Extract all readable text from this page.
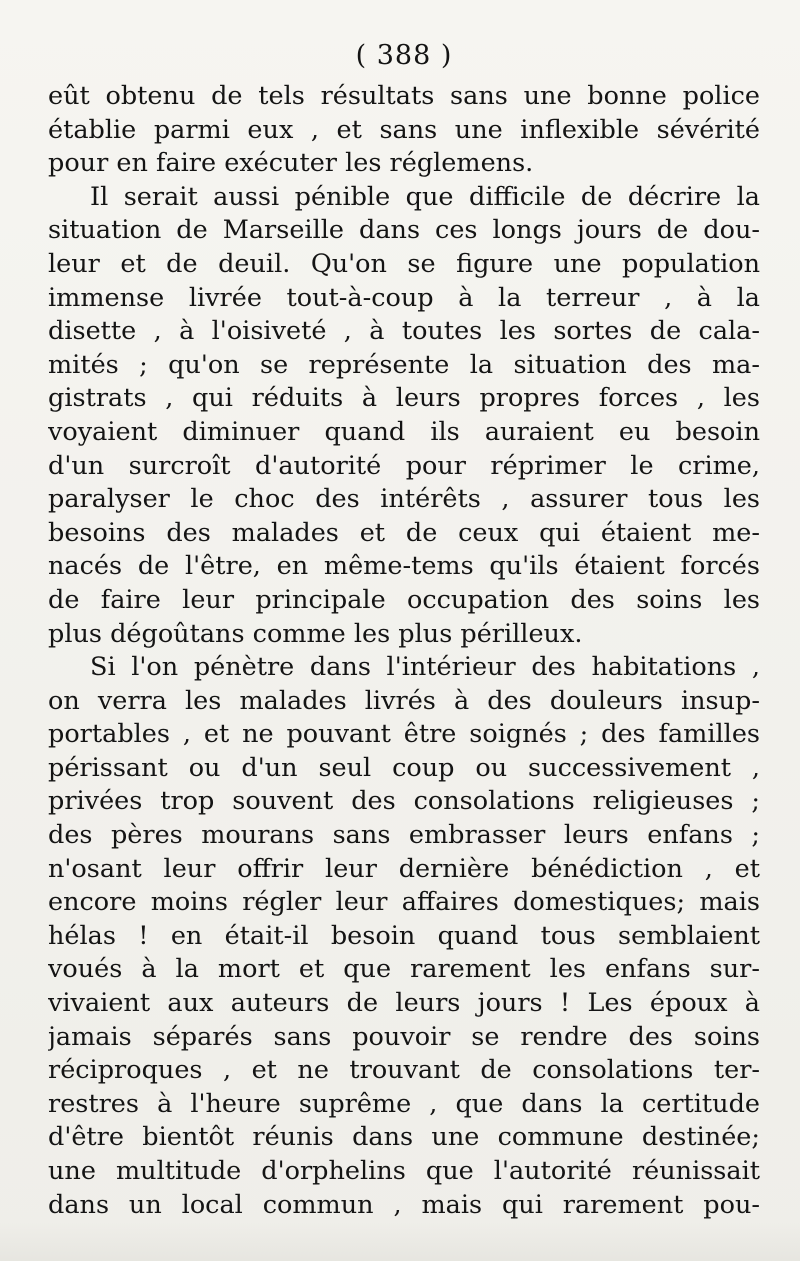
( 388 )
eût obtenu de tels résultats sans une bonne police
établie parmi eux , et sans une inflexible sévérité
pour en faire exécuter les réglemens.
Il serait aussi pénible que difficile de décrire la
situation de Marseille dans ces longs jours de dou-
leur et de deuil. Qu'on se figure une population
immense livrée tout-à-coup à la terreur , à la
disette , à l'oisiveté , à toutes les sortes de cala-
mités ; qu'on se représente la situation des ma-
gistrats , qui réduits à leurs propres forces , les
voyaient diminuer quand ils auraient eu besoin
d'un surcroît d'autorité pour réprimer le crime,
paralyser le choc des intérêts , assurer tous les
besoins des malades et de ceux qui étaient me-
nacés de l'être, en même-tems qu'ils étaient forcés
de faire leur principale occupation des soins les
plus dégoûtans comme les plus périlleux.
Si l'on pénètre dans l'intérieur des habitations ,
on verra les malades livrés à des douleurs insup-
portables , et ne pouvant être soignés ; des familles
périssant ou d'un seul coup ou successivement ,
privées trop souvent des consolations religieuses ;
des pères mourans sans embrasser leurs enfans ;
n'osant leur offrir leur dernière bénédiction , et
encore moins régler leur affaires domestiques; mais
hélas ! en était-il besoin quand tous semblaient
voués à la mort et que rarement les enfans sur-
vivaient aux auteurs de leurs jours ! Les époux à
jamais séparés sans pouvoir se rendre des soins
réciproques , et ne trouvant de consolations ter-
restres à l'heure suprême , que dans la certitude
d'être bientôt réunis dans une commune destinée;
une multitude d'orphelins que l'autorité réunissait
dans un local commun , mais qui rarement pou-
